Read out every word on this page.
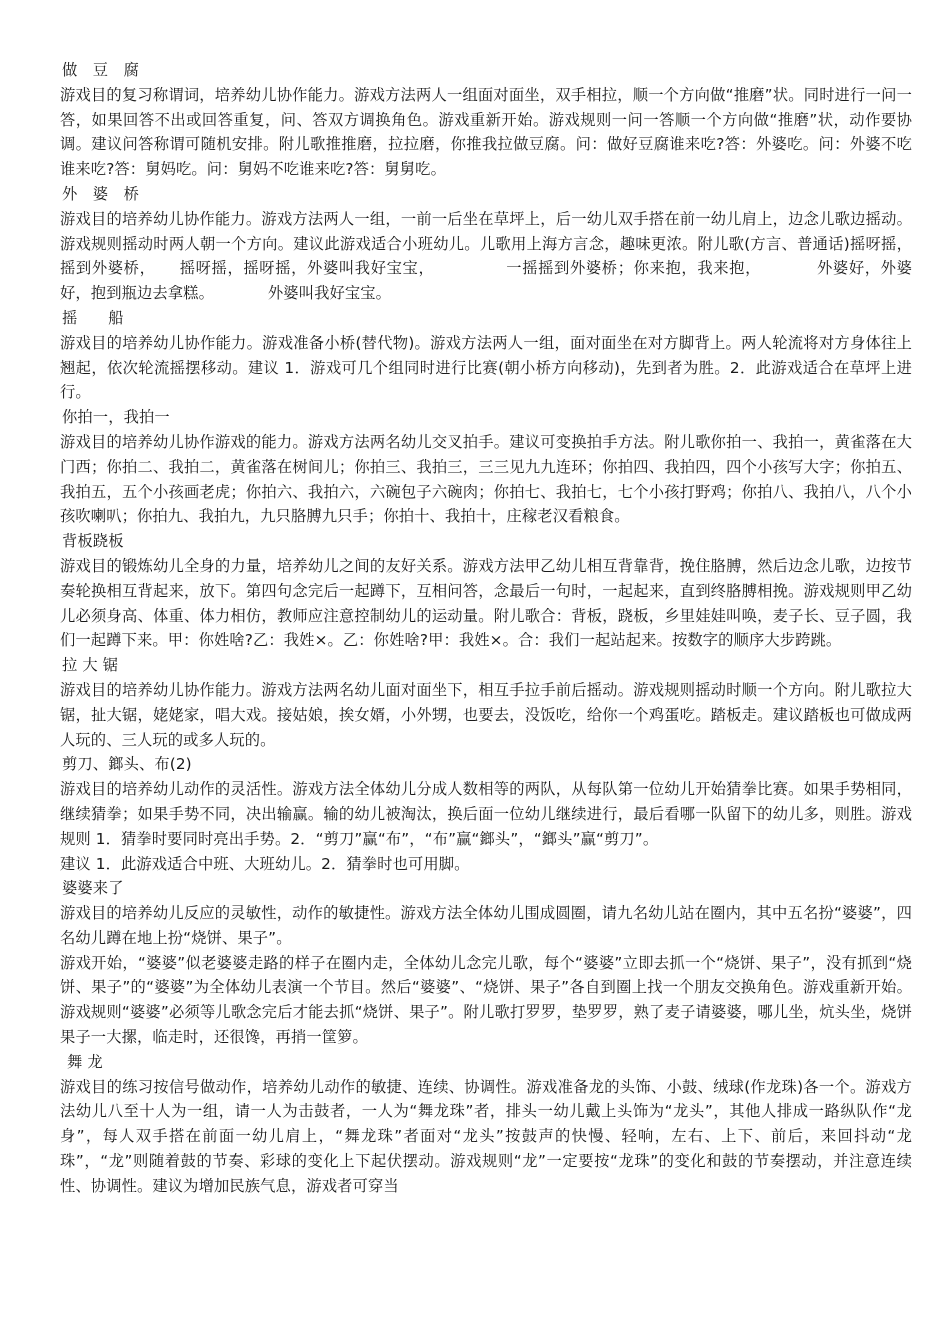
做　豆　腐

游戏目的复习称谓词，培养幼儿协作能力。游戏方法两人一组面对面坐，双手相拉，顺一个方向做“推磨”状。同时进行一问一答，如果回答不出或回答重复，问、答双方调换角色。游戏重新开始。游戏规则一问一答顺一个方向做“推磨”状，动作要协调。建议问答称谓可随机安排。附儿歌推推磨，拉拉磨，你推我拉做豆腐。问：做好豆腐谁来吃?答：外婆吃。问：外婆不吃谁来吃?答：舅妈吃。问：舅妈不吃谁来吃?答：舅舅吃。

外　婆　桥

游戏目的培养幼儿协作能力。游戏方法两人一组，一前一后坐在草坪上，后一幼儿双手搭在前一幼儿肩上，边念儿歌边摇动。游戏规则摇动时两人朝一个方向。建议此游戏适合小班幼儿。儿歌用上海方言念，趣味更浓。附儿歌(方言、普通话)摇呀摇，摇到外婆桥，　　摇呀摇，摇呀摇，外婆叫我好宝宝，　　　　　一摇摇到外婆桥；你来抱，我来抱，　　　　外婆好，外婆好，抱到瓶边去拿糕。　　　　外婆叫我好宝宝。

摇　　船

游戏目的培养幼儿协作能力。游戏准备小桥(替代物)。游戏方法两人一组，面对面坐在对方脚背上。两人轮流将对方身体往上翘起，依次轮流摇摆移动。建议 1．游戏可几个组同时进行比赛(朝小桥方向移动)，先到者为胜。2．此游戏适合在草坪上进行。

你拍一，我拍一

游戏目的培养幼儿协作游戏的能力。游戏方法两名幼儿交叉拍手。建议可变换拍手方法。附儿歌你拍一、我拍一，黄雀落在大门西；你拍二、我拍二，黄雀落在树间儿；你拍三、我拍三，三三见九九连环；你拍四、我拍四，四个小孩写大字；你拍五、我拍五，五个小孩画老虎；你拍六、我拍六，六碗包子六碗肉；你拍七、我拍七，七个小孩打野鸡；你拍八、我拍八，八个小孩吹喇叭；你拍九、我拍九，九只胳膊九只手；你拍十、我拍十，庄稼老汉看粮食。

背板跷板

游戏目的锻炼幼儿全身的力量，培养幼儿之间的友好关系。游戏方法甲乙幼儿相互背靠背，挽住胳膊，然后边念儿歌，边按节奏轮换相互背起来，放下。第四句念完后一起蹲下，互相问答，念最后一句时，一起起来，直到终胳膊相挽。游戏规则甲乙幼儿必须身高、体重、体力相仿，教师应注意控制幼儿的运动量。附儿歌合：背板，跷板，乡里娃娃叫唤，麦子长、豆子圆，我们一起蹲下来。甲：你姓啥?乙：我姓×。乙：你姓啥?甲：我姓×。合：我们一起站起来。按数字的顺序大步跨跳。

拉 大 锯

游戏目的培养幼儿协作能力。游戏方法两名幼儿面对面坐下，相互手拉手前后摇动。游戏规则摇动时顺一个方向。附儿歌拉大锯，扯大锯，姥姥家，唱大戏。接姑娘，挨女婿，小外甥，也要去，没饭吃，给你一个鸡蛋吃。踏板走。建议踏板也可做成两人玩的、三人玩的或多人玩的。

剪刀、鎯头、布(2)

游戏目的培养幼儿动作的灵活性。游戏方法全体幼儿分成人数相等的两队，从每队第一位幼儿开始猜拳比赛。如果手势相同，继续猜拳；如果手势不同，决出输赢。输的幼儿被淘汰，换后面一位幼儿继续进行，最后看哪一队留下的幼儿多，则胜。游戏规则 1．猜拳时要同时亮出手势。2．“剪刀”赢“布”，“布”赢“鎯头”，“鎯头”赢“剪刀”。

建议 1．此游戏适合中班、大班幼儿。2．猜拳时也可用脚。

婆婆来了

游戏目的培养幼儿反应的灵敏性，动作的敏捷性。游戏方法全体幼儿围成圆圈，请九名幼儿站在圈内，其中五名扮“婆婆”，四名幼儿蹲在地上扮“烧饼、果子”。

游戏开始，“婆婆”似老婆婆走路的样子在圈内走，全体幼儿念完儿歌，每个“婆婆”立即去抓一个“烧饼、果子”，没有抓到“烧饼、果子”的“婆婆”为全体幼儿表演一个节目。然后“婆婆”、“烧饼、果子”各自到圈上找一个朋友交换角色。游戏重新开始。游戏规则“婆婆”必须等儿歌念完后才能去抓“烧饼、果子”。附儿歌打罗罗，垫罗罗，熟了麦子请婆婆，哪儿坐，炕头坐，烧饼果子一大摞，临走时，还很馋，再捎一筐箩。

舞 龙

游戏目的练习按信号做动作，培养幼儿动作的敏捷、连续、协调性。游戏准备龙的头饰、小鼓、绒球(作龙珠)各一个。游戏方法幼儿八至十人为一组，请一人为击鼓者，一人为“舞龙珠”者，排头一幼儿戴上头饰为“龙头”，其他人排成一路纵队作“龙身”，每人双手搭在前面一幼儿肩上，“舞龙珠”者面对“龙头”按鼓声的快慢、轻响，左右、上下、前后，来回抖动“龙珠”，“龙”则随着鼓的节奏、彩球的变化上下起伏摆动。游戏规则“龙”一定要按“龙珠”的变化和鼓的节奏摆动，并注意连续性、协调性。建议为增加民族气息，游戏者可穿当
